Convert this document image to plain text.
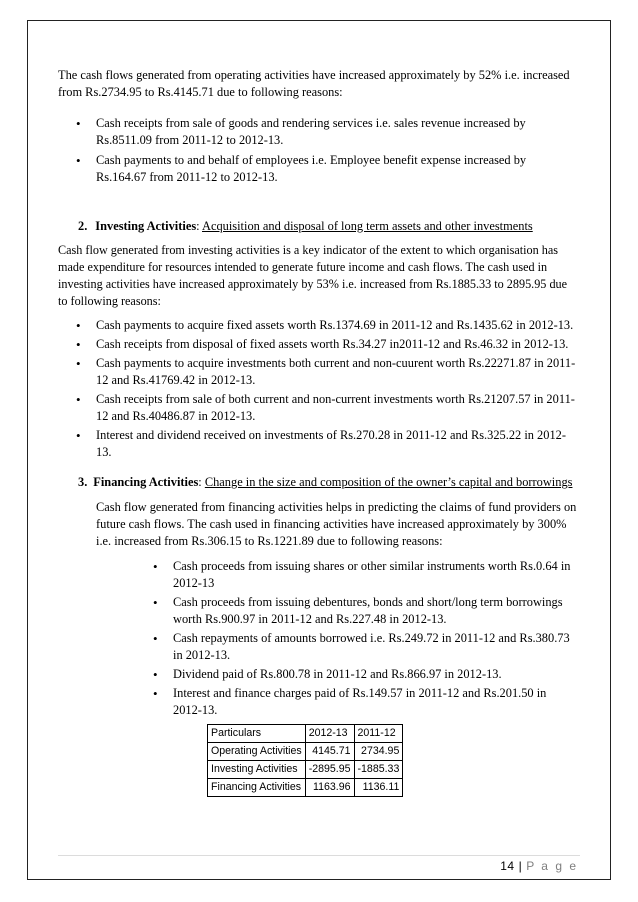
The cash flows generated from operating activities have increased approximately by 52% i.e. increased from Rs.2734.95 to Rs.4145.71 due to following reasons:

• Cash receipts from sale of goods and rendering services i.e. sales revenue increased by Rs.8511.09 from 2011-12 to 2012-13.
• Cash payments to and behalf of employees i.e. Employee benefit expense increased by Rs.164.67 from 2011-12 to 2012-13.

2. Investing Activities: Acquisition and disposal of long term assets and other investments

Cash flow generated from investing activities is a key indicator of the extent to which organisation has made expenditure for resources intended to generate future income and cash flows. The cash used in investing activities have increased approximately by 53% i.e. increased from Rs.1885.33 to 2895.95 due to following reasons:

• Cash payments to acquire fixed assets worth Rs.1374.69 in 2011-12 and Rs.1435.62 in 2012-13.
• Cash receipts from disposal of fixed assets worth Rs.34.27 in2011-12 and Rs.46.32 in 2012-13.
• Cash payments to acquire investments both current and non-cuurent worth Rs.22271.87 in 2011-12 and Rs.41769.42 in 2012-13.
• Cash receipts from sale of both current and non-current investments worth Rs.21207.57 in 2011-12 and Rs.40486.87 in 2012-13.
• Interest and dividend received on investments of Rs.270.28 in 2011-12 and Rs.325.22 in 2012-13.

3. Financing Activities: Change in the size and composition of the owner’s capital and borrowings

Cash flow generated from financing activities helps in predicting the claims of fund providers on future cash flows. The cash used in financing activities have increased approximately by 300% i.e. increased from Rs.306.15 to Rs.1221.89 due to following reasons:

• Cash proceeds from issuing shares or other similar instruments worth Rs.0.64 in 2012-13
• Cash proceeds from issuing debentures, bonds and short/long term borrowings worth Rs.900.97 in 2011-12 and Rs.227.48 in 2012-13.
• Cash repayments of amounts borrowed i.e. Rs.249.72 in 2011-12 and Rs.380.73 in 2012-13.
• Dividend paid of Rs.800.78 in 2011-12 and Rs.866.97 in 2012-13.
• Interest and finance charges paid of Rs.149.57 in 2011-12 and Rs.201.50 in 2012-13.
Particulars	2012-13	2011-12
Operating Activities	4145.71	2734.95
Investing Activities	-2895.95	-1885.33
Financing Activities	1163.96	1136.11
14 | P a g e
